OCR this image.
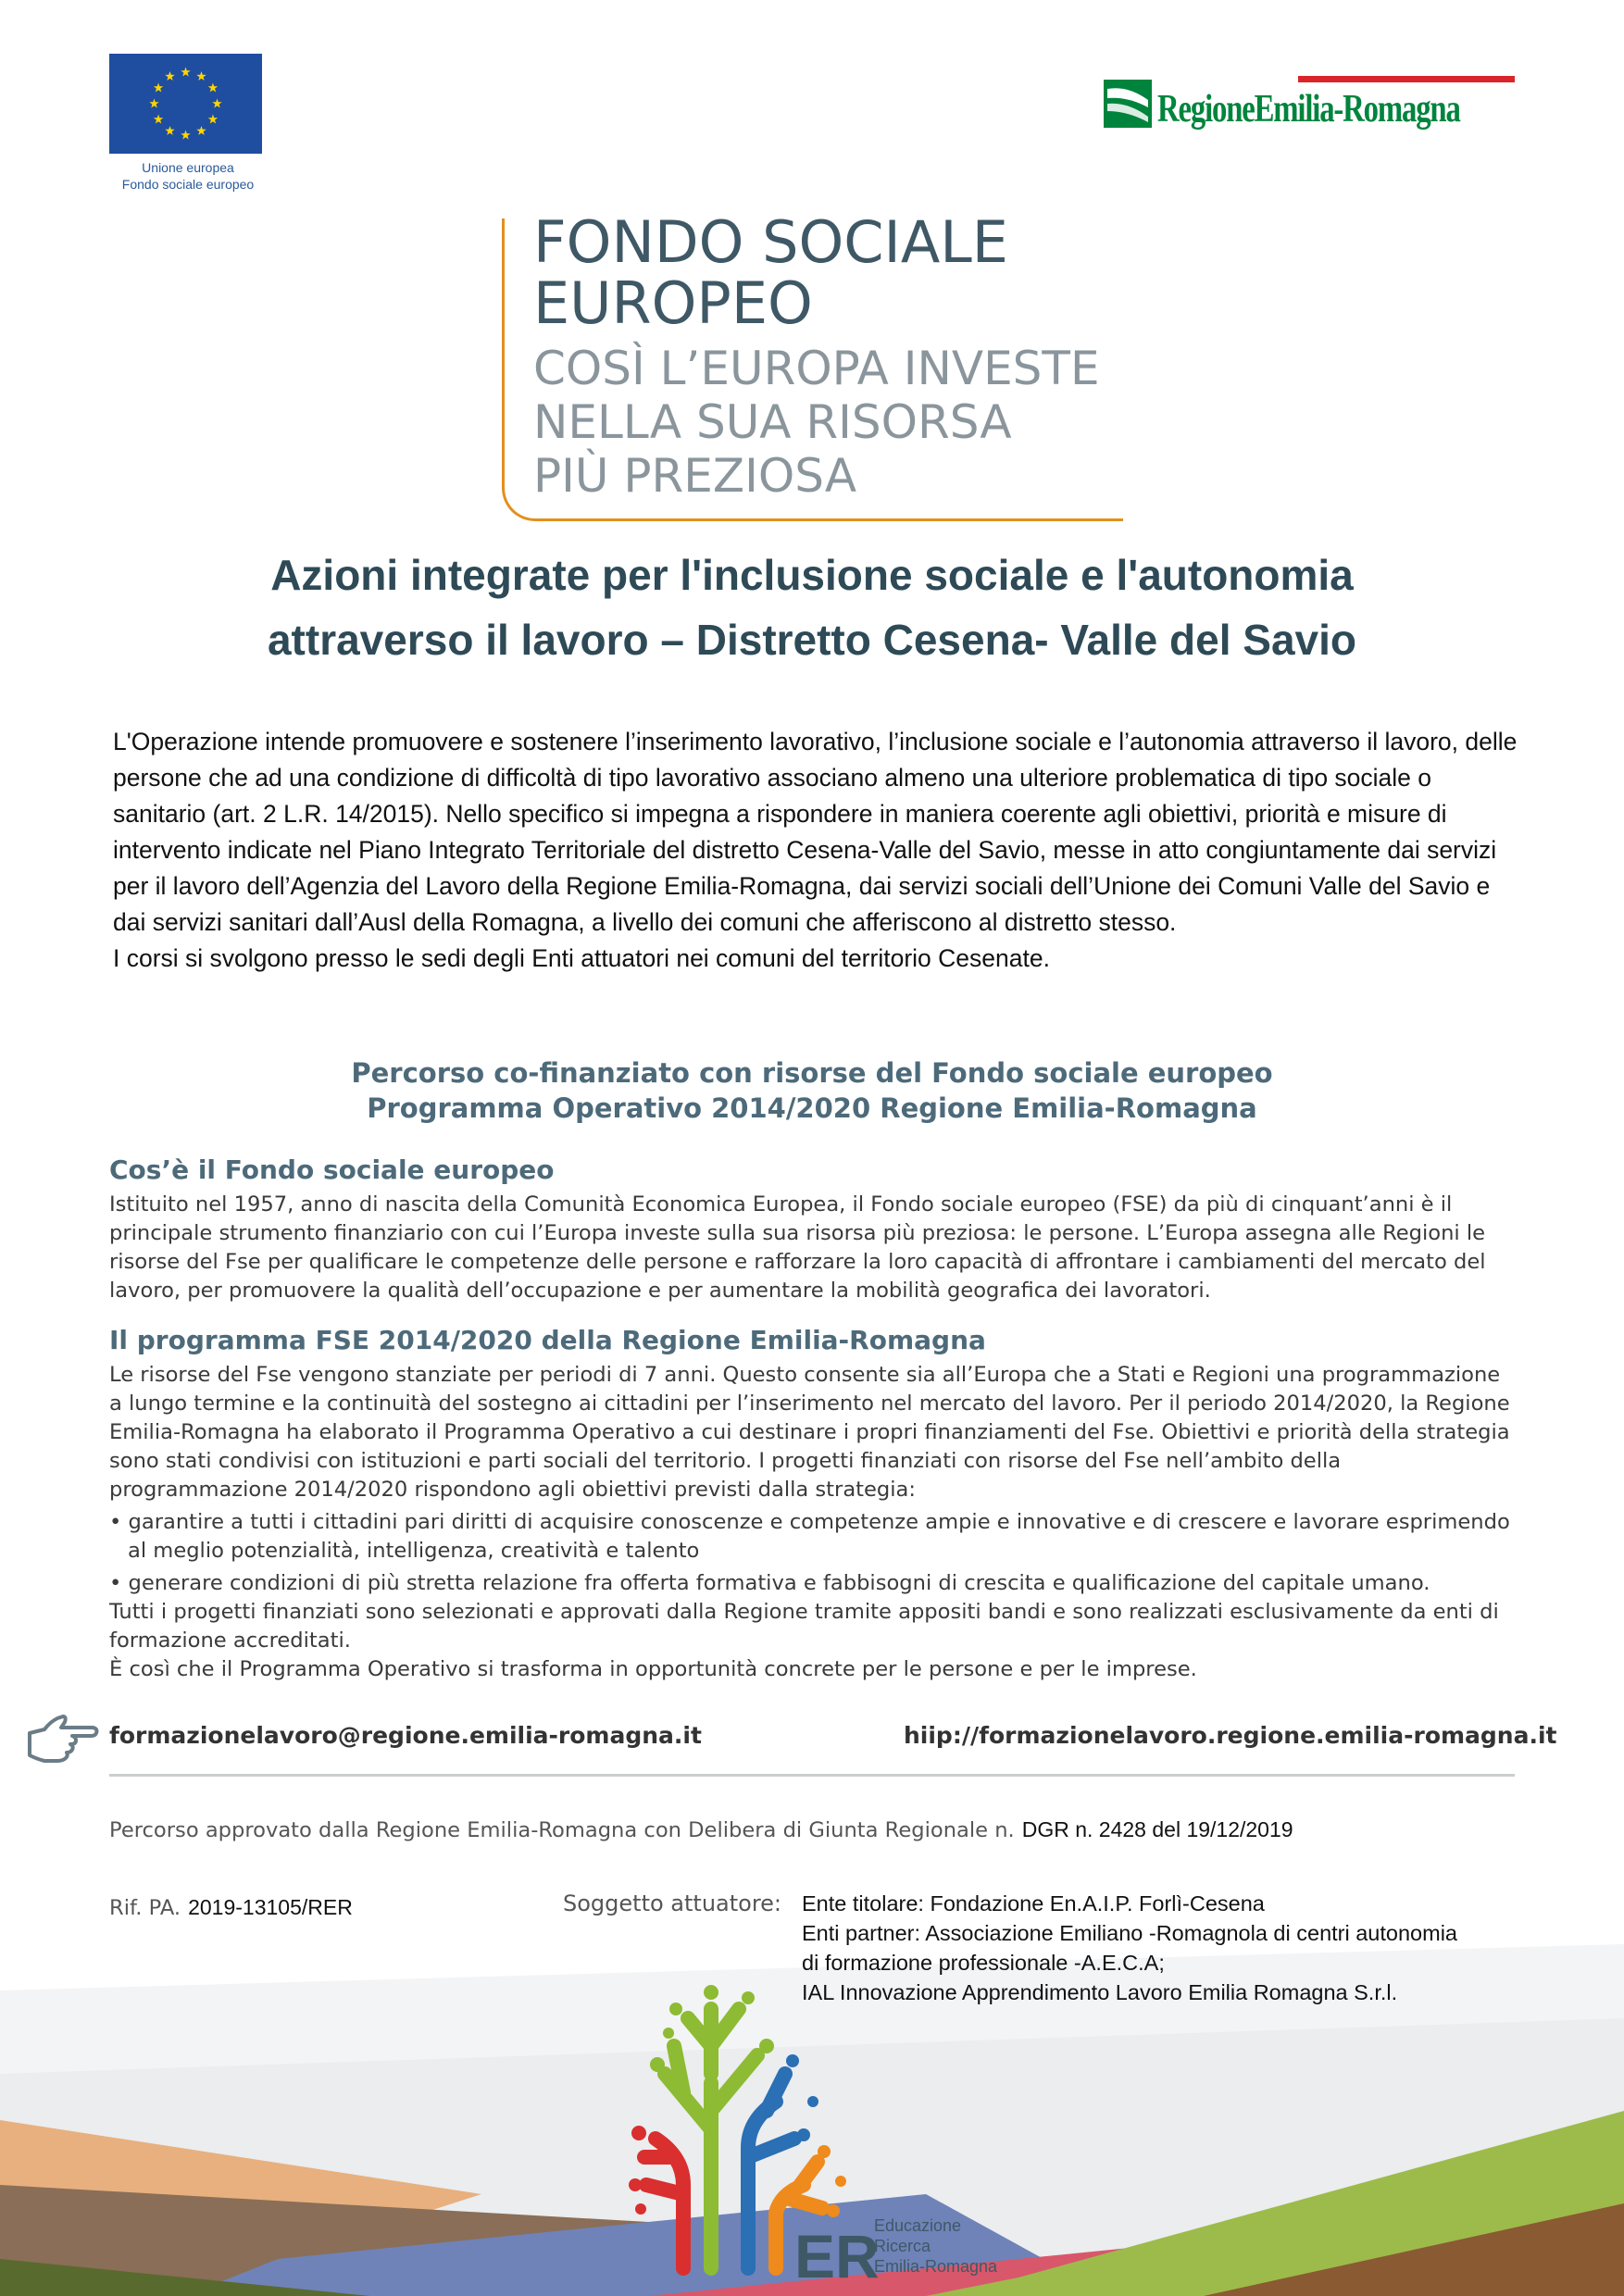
Unione europea
Fondo sociale europeo
RegioneEmilia-Romagna
FONDO SOCIALE
EUROPEO
COSÌ L’EUROPA INVESTE
NELLA SUA RISORSA
PIÙ PREZIOSA
Azioni integrate per l'inclusione sociale e l'autonomia
attraverso il lavoro – Distretto Cesena- Valle del Savio

L'Operazione intende promuovere e sostenere l’inserimento lavorativo, l’inclusione sociale e l’autonomia attraverso il lavoro, delle persone che ad una condizione di difficoltà di tipo lavorativo associano almeno una ulteriore problematica di tipo sociale o sanitario (art. 2 L.R. 14/2015). Nello specifico si impegna a rispondere in maniera coerente agli obiettivi, priorità e misure di intervento indicate nel Piano Integrato Territoriale del distretto Cesena-Valle del Savio, messe in atto congiuntamente dai servizi per il lavoro dell’Agenzia del Lavoro della Regione Emilia-Romagna, dai servizi sociali dell’Unione dei Comuni Valle del Savio e dai servizi sanitari dall’Ausl della Romagna, a livello dei comuni che afferiscono al distretto stesso.

I corsi si svolgono presso le sedi degli Enti attuatori nei comuni del territorio Cesenate.

Percorso co-finanziato con risorse del Fondo sociale europeo
Programma Operativo 2014/2020 Regione Emilia-Romagna
Cos’è il Fondo sociale europeo

Istituito nel 1957, anno di nascita della Comunità Economica Europea, il Fondo sociale europeo (FSE) da più di cinquant’anni è il principale strumento finanziario con cui l’Europa investe sulla sua risorsa più preziosa: le persone. L’Europa assegna alle Regioni le risorse del Fse per qualificare le competenze delle persone e rafforzare la loro capacità di affrontare i cambiamenti del mercato del lavoro, per promuovere la qualità dell’occupazione e per aumentare la mobilità geografica dei lavoratori.

Il programma FSE 2014/2020 della Regione Emilia-Romagna

Le risorse del Fse vengono stanziate per periodi di 7 anni. Questo consente sia all’Europa che a Stati e Regioni una programmazione a lungo termine e la continuità del sostegno ai cittadini per l’inserimento nel mercato del lavoro. Per il periodo 2014/2020, la Regione Emilia-Romagna ha elaborato il Programma Operativo a cui destinare i propri finanziamenti del Fse. Obiettivi e priorità della strategia sono stati condivisi con istituzioni e parti sociali del territorio. I progetti finanziati con risorse del Fse nell’ambito della programmazione 2014/2020 rispondono agli obiettivi previsti dalla strategia:

• garantire a tutti i cittadini pari diritti di acquisire conoscenze e competenze ampie e innovative e di crescere e lavorare esprimendo al meglio potenzialità, intelligenza, creatività e talento

• generare condizioni di più stretta relazione fra offerta formativa e fabbisogni di crescita e qualificazione del capitale umano.

Tutti i progetti finanziati sono selezionati e approvati dalla Regione tramite appositi bandi e sono realizzati esclusivamente da enti di formazione accreditati.

È così che il Programma Operativo si trasforma in opportunità concrete per le persone e per le imprese.

formazionelavoro@regione.emilia-romagna.it	hiip://formazionelavoro.regione.emilia-romagna.it
Percorso approvato dalla Regione Emilia-Romagna con Delibera di Giunta Regionale n. DGR n. 2428 del 19/12/2019
Rif. PA. 2019-13105/RER	Soggetto attuatore: Ente titolare: Fondazione En.A.I.P. Forlì-Cesena
Enti partner: Associazione Emiliano -Romagnola di centri autonomia
di formazione professionale -A.E.C.A;
IAL Innovazione Apprendimento Lavoro Emilia Romagna S.r.l.
ER
Educazione
Ricerca
Emilia-Romagna
